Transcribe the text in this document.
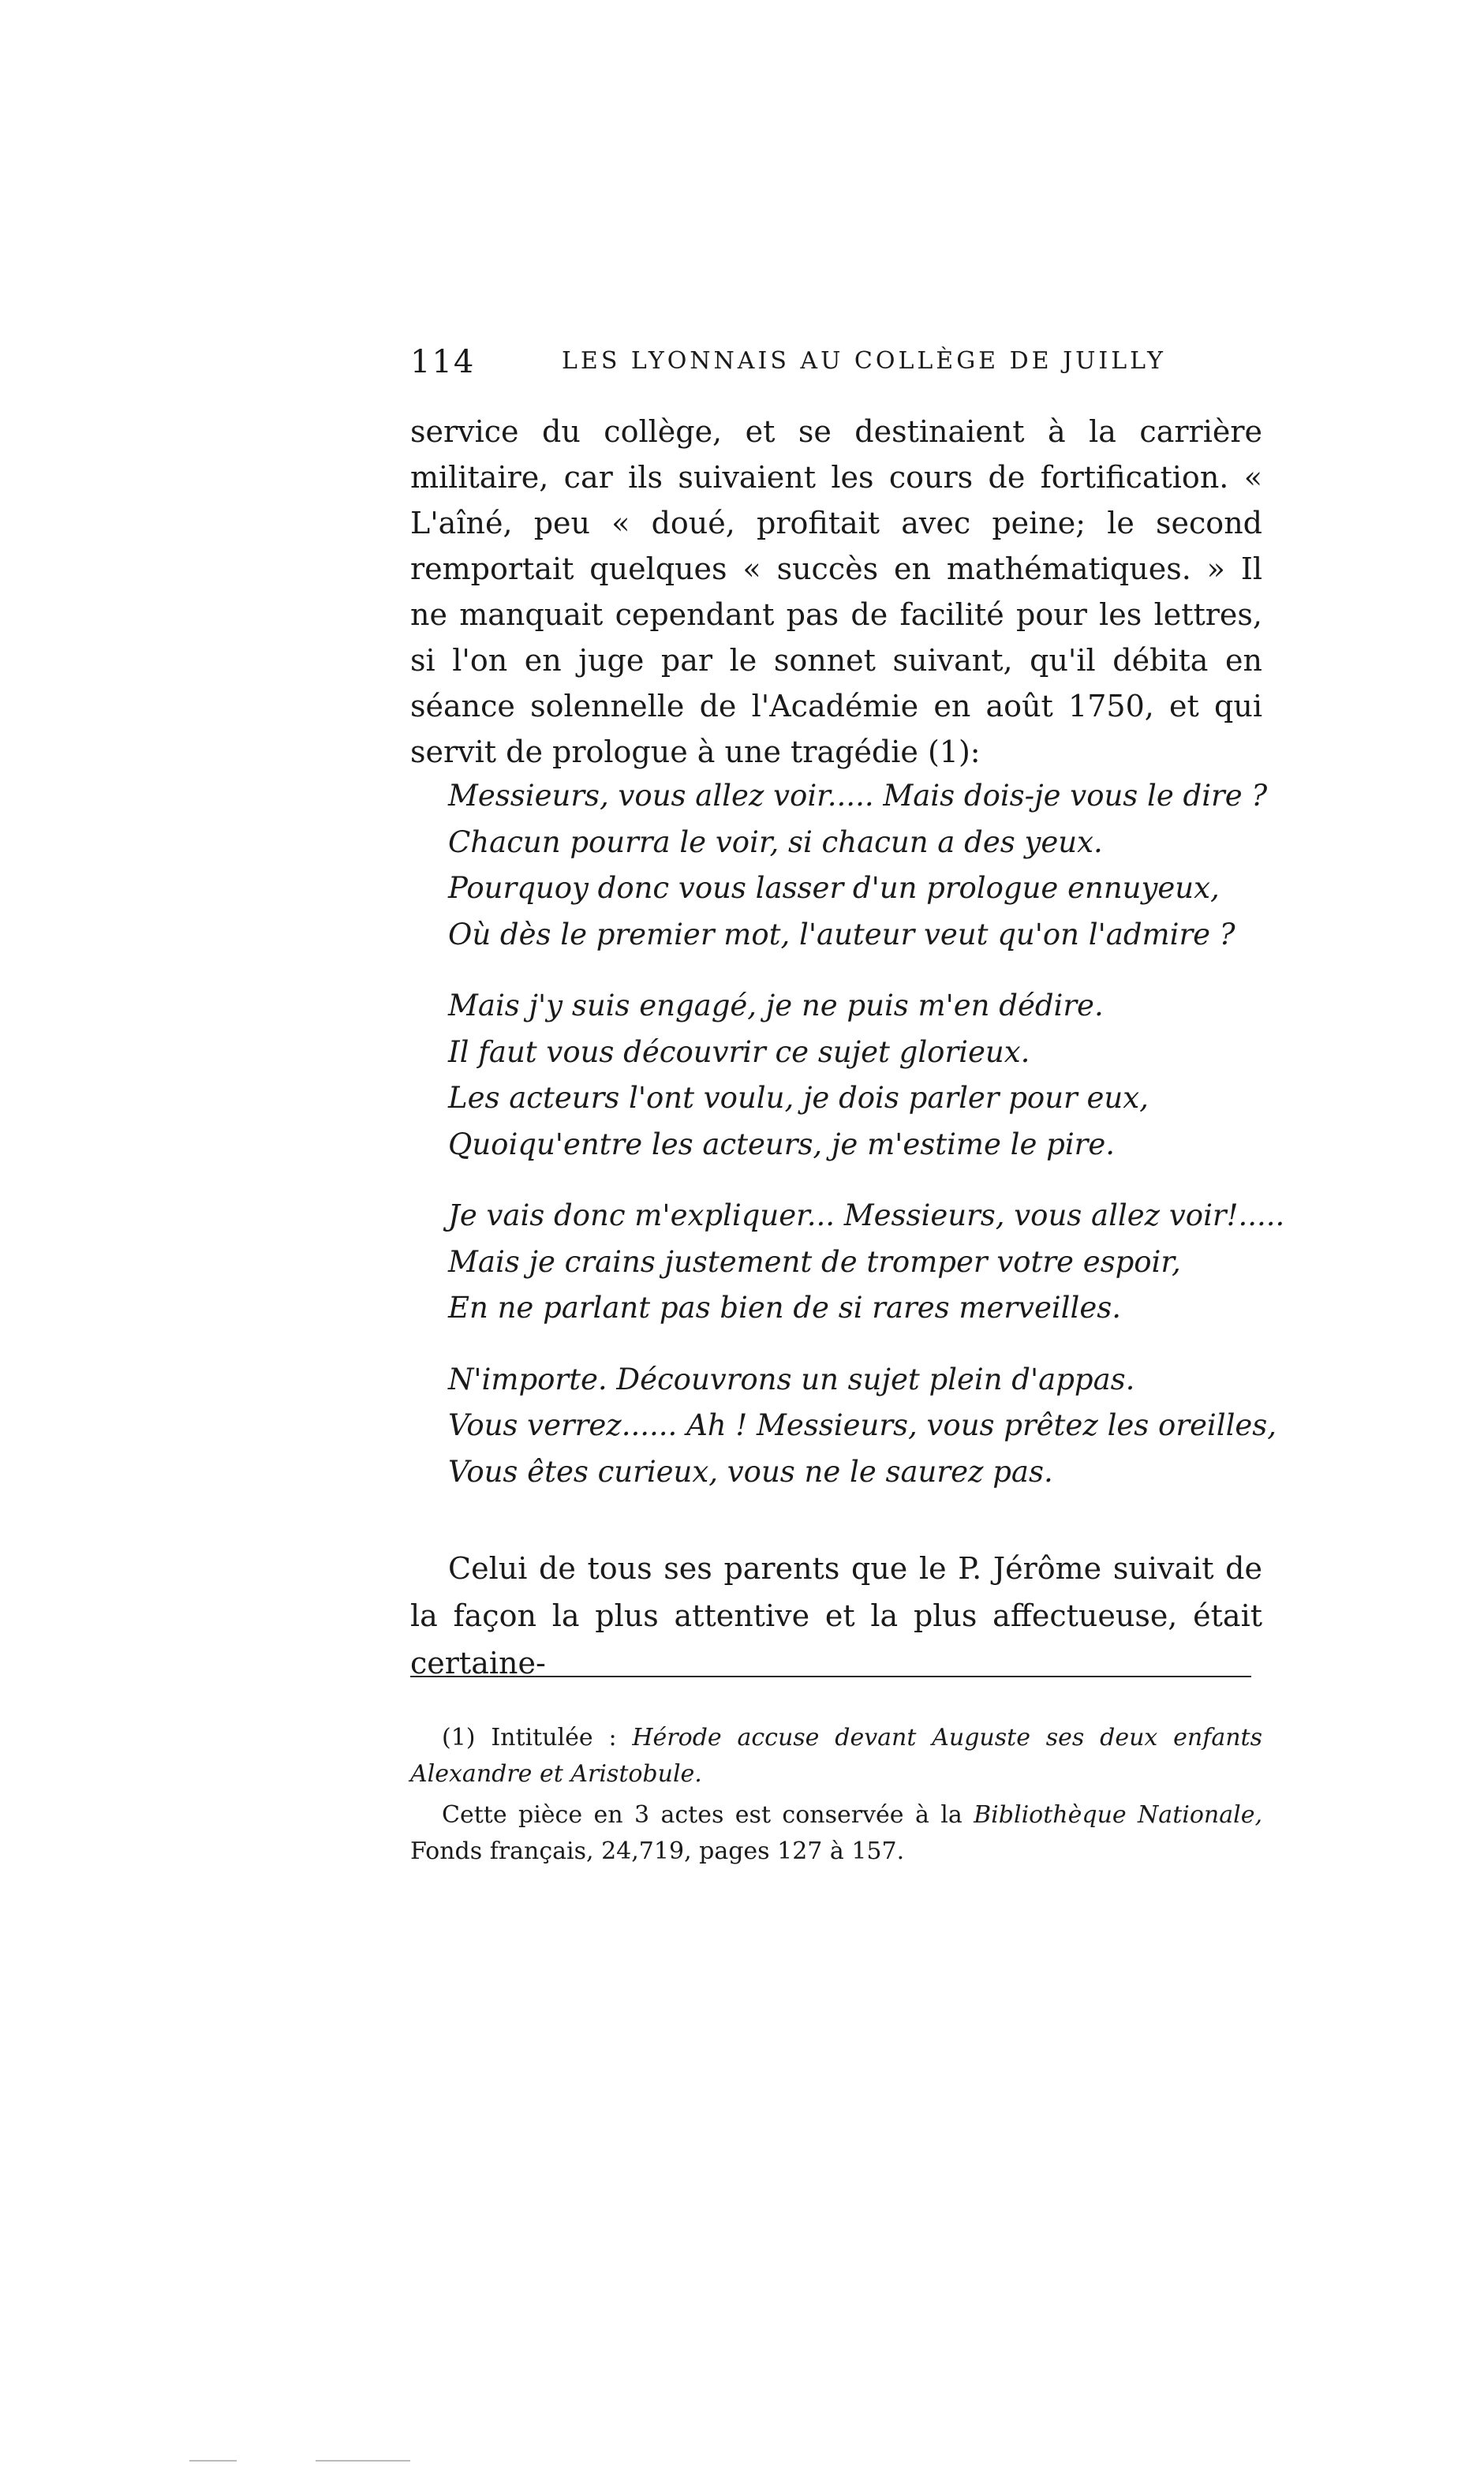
114	LES LYONNAIS AU COLLÈGE DE JUILLY

service du collège, et se destinaient à la carrière militaire, car ils suivaient les cours de fortification. « L'aîné, peu « doué, profitait avec peine; le second remportait quelques « succès en mathématiques. » Il ne manquait cependant pas de facilité pour les lettres, si l'on en juge par le sonnet suivant, qu'il débita en séance solennelle de l'Académie en août 1750, et qui servit de prologue à une tragédie (1):

Messieurs, vous allez voir..... Mais dois-je vous le dire ?
Chacun pourra le voir, si chacun a des yeux.
Pourquoy donc vous lasser d'un prologue ennuyeux,
Où dès le premier mot, l'auteur veut qu'on l'admire ?
Mais j'y suis engagé, je ne puis m'en dédire.
Il faut vous découvrir ce sujet glorieux.
Les acteurs l'ont voulu, je dois parler pour eux,
Quoiqu'entre les acteurs, je m'estime le pire.
Je vais donc m'expliquer... Messieurs, vous allez voir!.....
Mais je crains justement de tromper votre espoir,
En ne parlant pas bien de si rares merveilles.
N'importe. Découvrons un sujet plein d'appas.
Vous verrez...... Ah ! Messieurs, vous prêtez les oreilles,
Vous êtes curieux, vous ne le saurez pas.

Celui de tous ses parents que le P. Jérôme suivait de la façon la plus attentive et la plus affectueuse, était certaine-

(1) Intitulée : Hérode accuse devant Auguste ses deux enfants Alexandre et Aristobule.

Cette pièce en 3 actes est conservée à la Bibliothèque Nationale, Fonds français, 24,719, pages 127 à 157.
